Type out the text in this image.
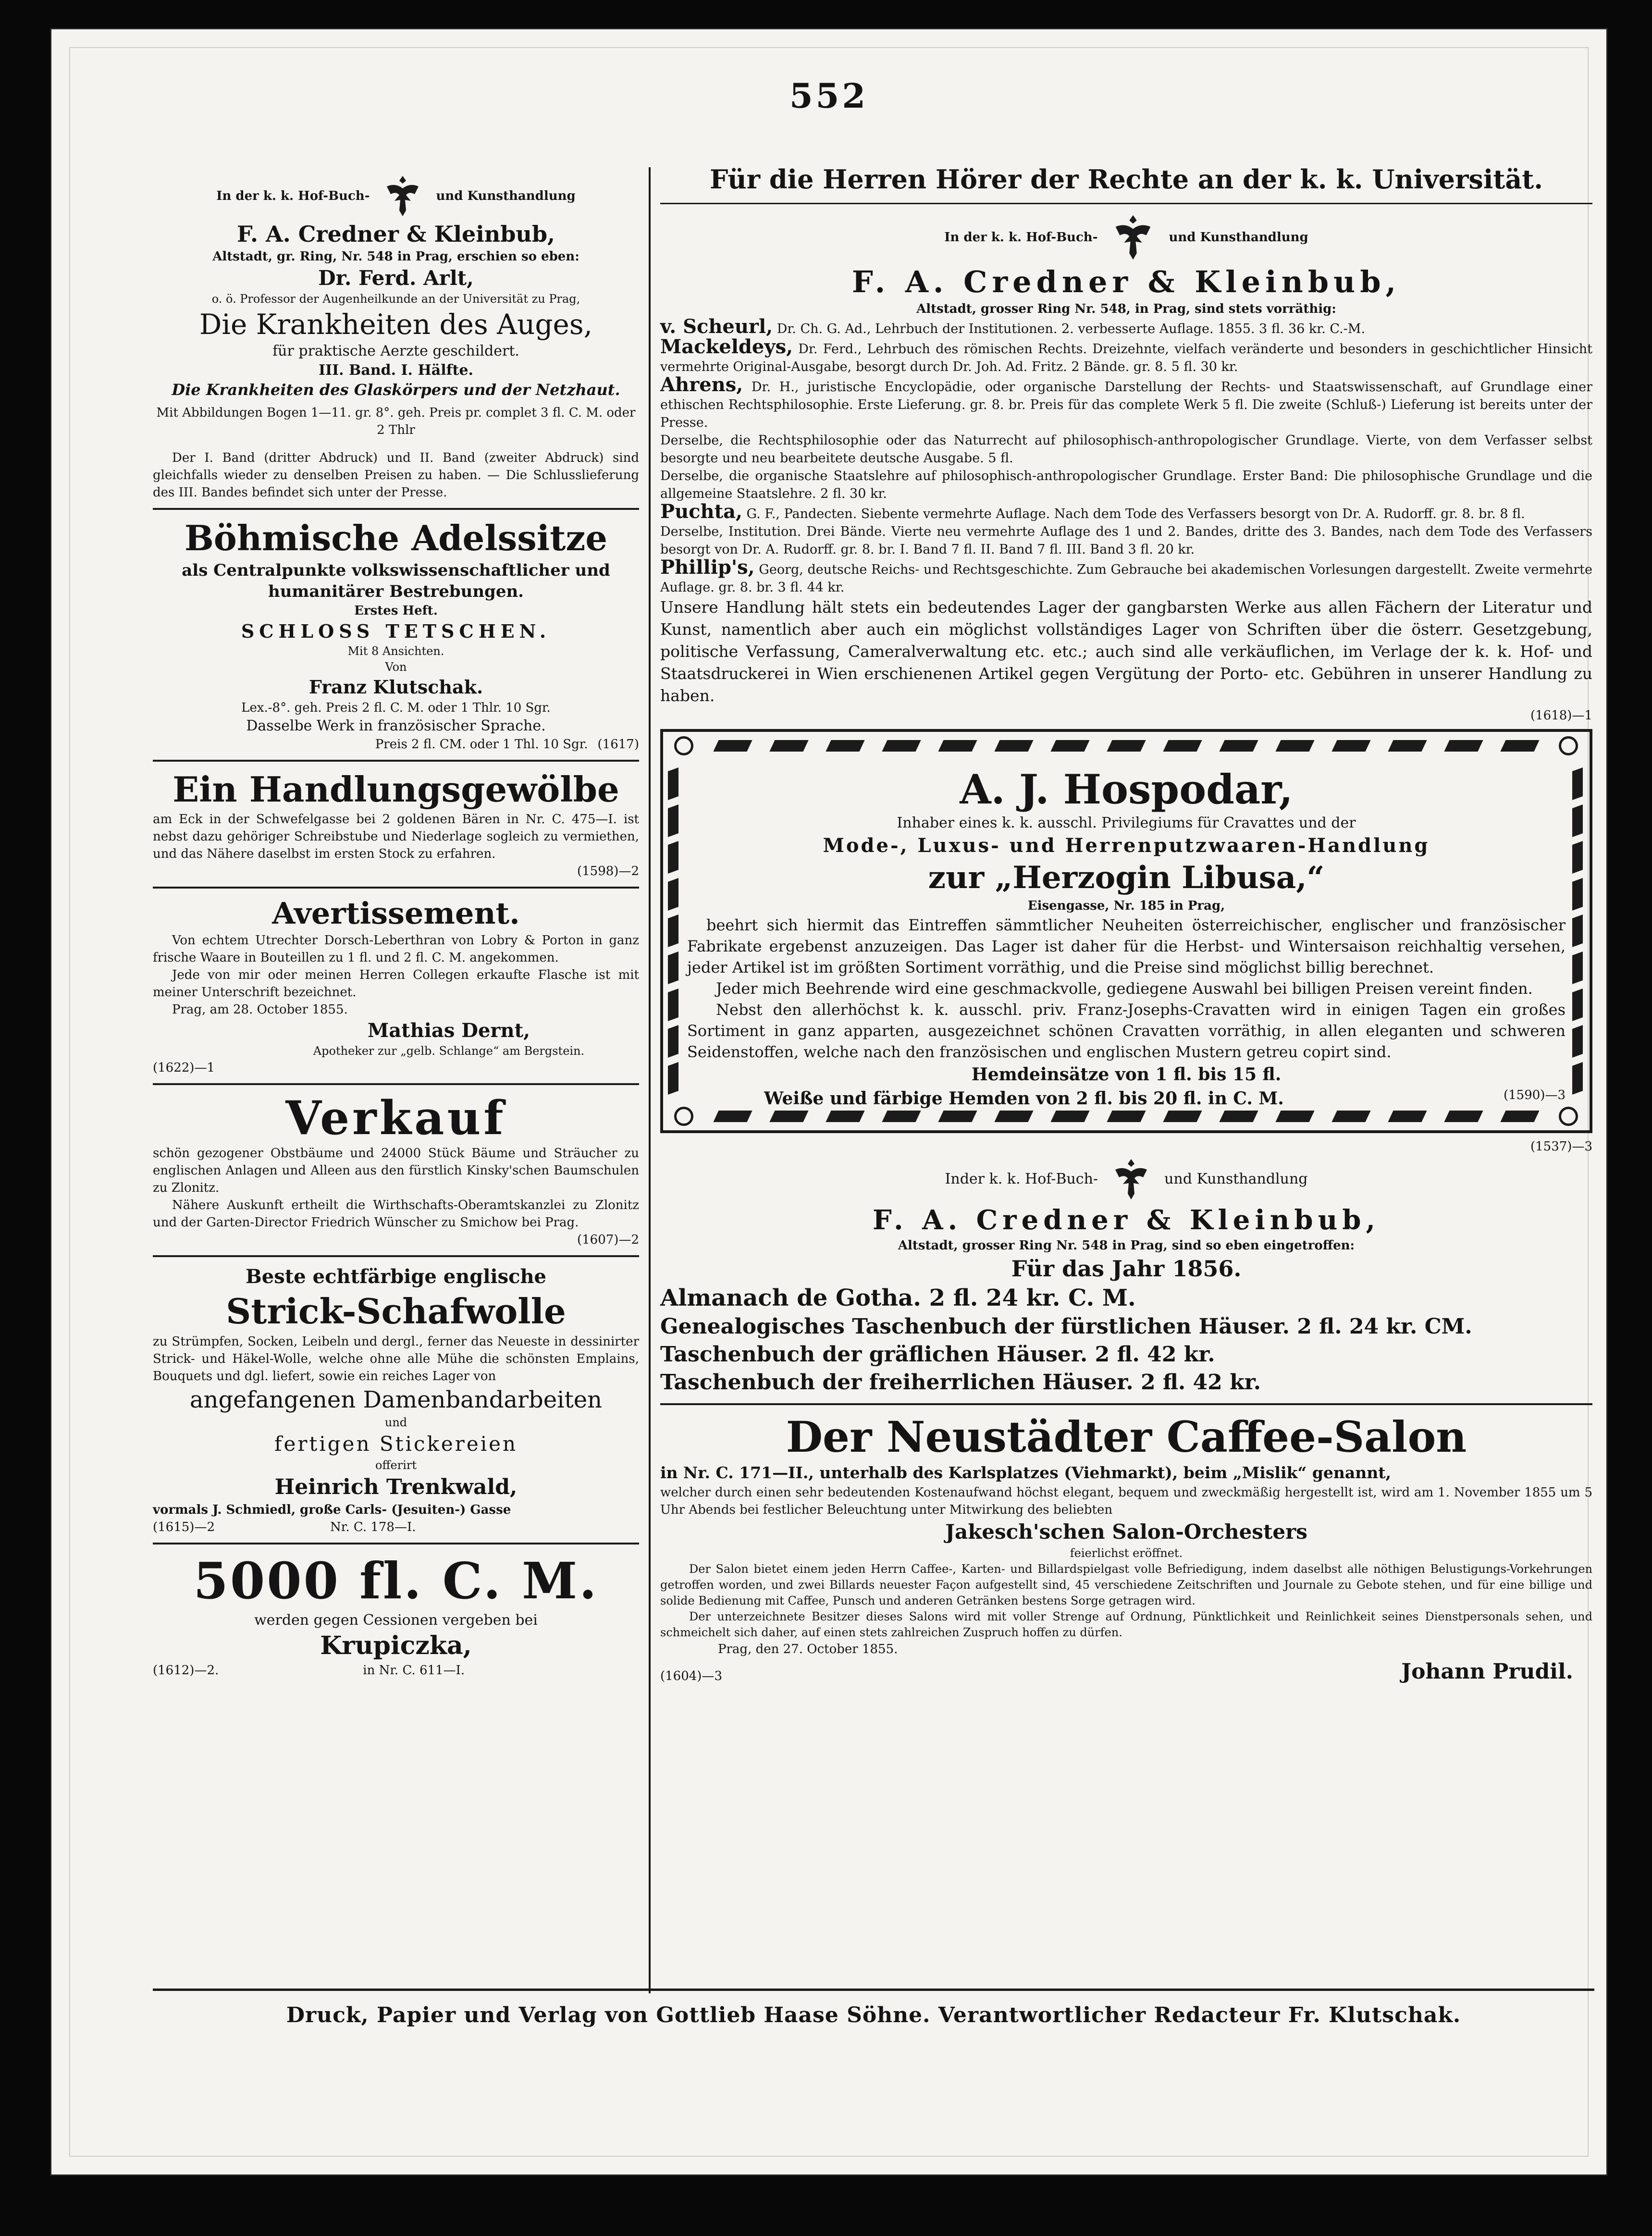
552
In der k. k. Hof-Buch-	und Kunsthandlung
F. A. Credner & Kleinbub,
Altstadt, gr. Ring, Nr. 548 in Prag, erschien so eben:
Dr. Ferd. Arlt,
o. ö. Professor der Augenheilkunde an der Universität zu Prag,
Die Krankheiten des Auges,
für praktische Aerzte geschildert.
III. Band. I. Hälfte.
Die Krankheiten des Glaskörpers und der Netzhaut.
Mit Abbildungen Bogen 1—11. gr. 8°. geh. Preis pr. complet 3 fl. C. M. oder 2 Thlr
Der I. Band (dritter Abdruck) und II. Band (zweiter Abdruck) sind gleichfalls wieder zu denselben Preisen zu haben. — Die Schlusslieferung des III. Bandes befindet sich unter der Presse.
Böhmische Adelssitze
als Centralpunkte volkswissenschaftlicher und humanitärer Bestrebungen.
Erstes Heft.
SCHLOSS TETSCHEN.
Mit 8 Ansichten.
Von
Franz Klutschak.
Lex.-8°. geh. Preis 2 fl. C. M. oder 1 Thlr. 10 Sgr.
Dasselbe Werk in französischer Sprache.
(1617)
Preis 2 fl. CM. oder 1 Thl. 10 Sgr.
Ein Handlungsgewölbe
am Eck in der Schwefelgasse bei 2 goldenen Bären in Nr. C. 475—I. ist nebst dazu gehöriger Schreibstube und Niederlage sogleich zu vermiethen, und das Nähere daselbst im ersten Stock zu erfahren.
(1598)—2
Avertissement.
Von echtem Utrechter Dorsch-Leberthran von Lobry & Porton in ganz frische Waare in Bouteillen zu 1 fl. und 2 fl. C. M. angekommen.
Jede von mir oder meinen Herren Collegen erkaufte Flasche ist mit meiner Unterschrift bezeichnet.
Prag, am 28. October 1855.
Mathias Dernt,
Apotheker zur „gelb. Schlange“ am Bergstein.
(1622)—1
Verkauf
schön gezogener Obstbäume und 24000 Stück Bäume und Sträucher zu englischen Anlagen und Alleen aus den fürstlich Kinsky'schen Baumschulen zu Zlonitz.
Nähere Auskunft ertheilt die Wirthschafts-Oberamtskanzlei zu Zlonitz und der Garten-Director Friedrich Wünscher zu Smichow bei Prag.
(1607)—2
Beste echtfärbige englische
Strick-Schafwolle
zu Strümpfen, Socken, Leibeln und dergl., ferner das Neueste in dessinirter Strick- und Häkel-Wolle, welche ohne alle Mühe die schönsten Emplains, Bouquets und dgl. liefert, sowie ein reiches Lager von
angefangenen Damenbandarbeiten
und
fertigen Stickereien
offerirt
Heinrich Trenkwald,
vormals J. Schmiedl, große Carls- (Jesuiten-) Gasse
(1615)—2	Nr. C. 178—I.
5000 fl. C. M.
werden gegen Cessionen vergeben bei
Krupiczka,
(1612)—2.	in Nr. C. 611—I.
Für die Herren Hörer der Rechte an der k. k. Universität.
In der k. k. Hof-Buch-	und Kunsthandlung
F. A. Credner & Kleinbub,
Altstadt, grosser Ring Nr. 548, in Prag, sind stets vorräthig:
v. Scheurl, Dr. Ch. G. Ad., Lehrbuch der Institutionen. 2. verbesserte Auflage. 1855. 3 fl. 36 kr. C.-M.
Mackeldeys, Dr. Ferd., Lehrbuch des römischen Rechts. Dreizehnte, vielfach veränderte und besonders in geschichtlicher Hinsicht vermehrte Original-Ausgabe, besorgt durch Dr. Joh. Ad. Fritz. 2 Bände. gr. 8. 5 fl. 30 kr.
Ahrens, Dr. H., juristische Encyclopädie, oder organische Darstellung der Rechts- und Staatswissenschaft, auf Grundlage einer ethischen Rechtsphilosophie. Erste Lieferung. gr. 8. br. Preis für das complete Werk 5 fl. Die zweite (Schluß-) Lieferung ist bereits unter der Presse.
Derselbe, die Rechtsphilosophie oder das Naturrecht auf philosophisch-anthropologischer Grundlage. Vierte, von dem Verfasser selbst besorgte und neu bearbeitete deutsche Ausgabe. 5 fl.
Derselbe, die organische Staatslehre auf philosophisch-anthropologischer Grundlage. Erster Band: Die philosophische Grundlage und die allgemeine Staatslehre. 2 fl. 30 kr.
Puchta, G. F., Pandecten. Siebente vermehrte Auflage. Nach dem Tode des Verfassers besorgt von Dr. A. Rudorff. gr. 8. br. 8 fl.
Derselbe, Institution. Drei Bände. Vierte neu vermehrte Auflage des 1 und 2. Bandes, dritte des 3. Bandes, nach dem Tode des Verfassers besorgt von Dr. A. Rudorff. gr. 8. br. I. Band 7 fl. II. Band 7 fl. III. Band 3 fl. 20 kr.
Phillip's, Georg, deutsche Reichs- und Rechtsgeschichte. Zum Gebrauche bei akademischen Vorlesungen dargestellt. Zweite vermehrte Auflage. gr. 8. br. 3 fl. 44 kr.
Unsere Handlung hält stets ein bedeutendes Lager der gangbarsten Werke aus allen Fächern der Literatur und Kunst, namentlich aber auch ein möglichst vollständiges Lager von Schriften über die österr. Gesetzgebung, politische Verfassung, Cameralverwaltung etc. etc.; auch sind alle verkäuflichen, im Verlage der k. k. Hof- und Staatsdruckerei in Wien erschienenen Artikel gegen Vergütung der Porto- etc. Gebühren in unserer Handlung zu haben.
(1618)—1
A. J. Hospodar,
Inhaber eines k. k. ausschl. Privilegiums für Cravattes und der
Mode-, Luxus- und Herrenputzwaaren-Handlung
zur „Herzogin Libusa,“
Eisengasse, Nr. 185 in Prag,
beehrt sich hiermit das Eintreffen sämmtlicher Neuheiten österreichischer, englischer und französischer Fabrikate ergebenst anzuzeigen. Das Lager ist daher für die Herbst- und Wintersaison reichhaltig versehen, jeder Artikel ist im größten Sortiment vorräthig, und die Preise sind möglichst billig berechnet.
Jeder mich Beehrende wird eine geschmackvolle, gediegene Auswahl bei billigen Preisen vereint finden.
Nebst den allerhöchst k. k. ausschl. priv. Franz-Josephs-Cravatten wird in einigen Tagen ein großes Sortiment in ganz apparten, ausgezeichnet schönen Cravatten vorräthig, in allen eleganten und schweren Seidenstoffen, welche nach den französischen und englischen Mustern getreu copirt sind.
Hemdeinsätze von 1 fl. bis 15 fl.
Weiße und färbige Hemden von 2 fl. bis 20 fl. in C. M.	(1590)—3
(1537)—3
Inder k. k. Hof-Buch-	und Kunsthandlung
F. A. Credner & Kleinbub,
Altstadt, grosser Ring Nr. 548 in Prag, sind so eben eingetroffen:
Für das Jahr 1856.
Almanach de Gotha. 2 fl. 24 kr. C. M.
Genealogisches Taschenbuch der fürstlichen Häuser. 2 fl. 24 kr. CM.
Taschenbuch der gräflichen Häuser. 2 fl. 42 kr.
Taschenbuch der freiherrlichen Häuser. 2 fl. 42 kr.
Der Neustädter Caffee-Salon
in Nr. C. 171—II., unterhalb des Karlsplatzes (Viehmarkt), beim „Mislik“ genannt,
welcher durch einen sehr bedeutenden Kostenaufwand höchst elegant, bequem und zweckmäßig hergestellt ist, wird am 1. November 1855 um 5 Uhr Abends bei festlicher Beleuchtung unter Mitwirkung des beliebten
Jakesch'schen Salon-Orchesters
feierlichst eröffnet.
Der Salon bietet einem jeden Herrn Caffee-, Karten- und Billardspielgast volle Befriedigung, indem daselbst alle nöthigen Belustigungs-Vorkehrungen getroffen worden, und zwei Billards neuester Façon aufgestellt sind, 45 verschiedene Zeitschriften und Journale zu Gebote stehen, und für eine billige und solide Bedienung mit Caffee, Punsch und anderen Getränken bestens Sorge getragen wird.
Der unterzeichnete Besitzer dieses Salons wird mit voller Strenge auf Ordnung, Pünktlichkeit und Reinlichkeit seines Dienstpersonals sehen, und schmeichelt sich daher, auf einen stets zahlreichen Zuspruch hoffen zu dürfen.
Prag, den 27. October 1855.
(1604)—3	Johann Prudil.
Druck, Papier und Verlag von Gottlieb Haase Söhne. Verantwortlicher Redacteur Fr. Klutschak.
